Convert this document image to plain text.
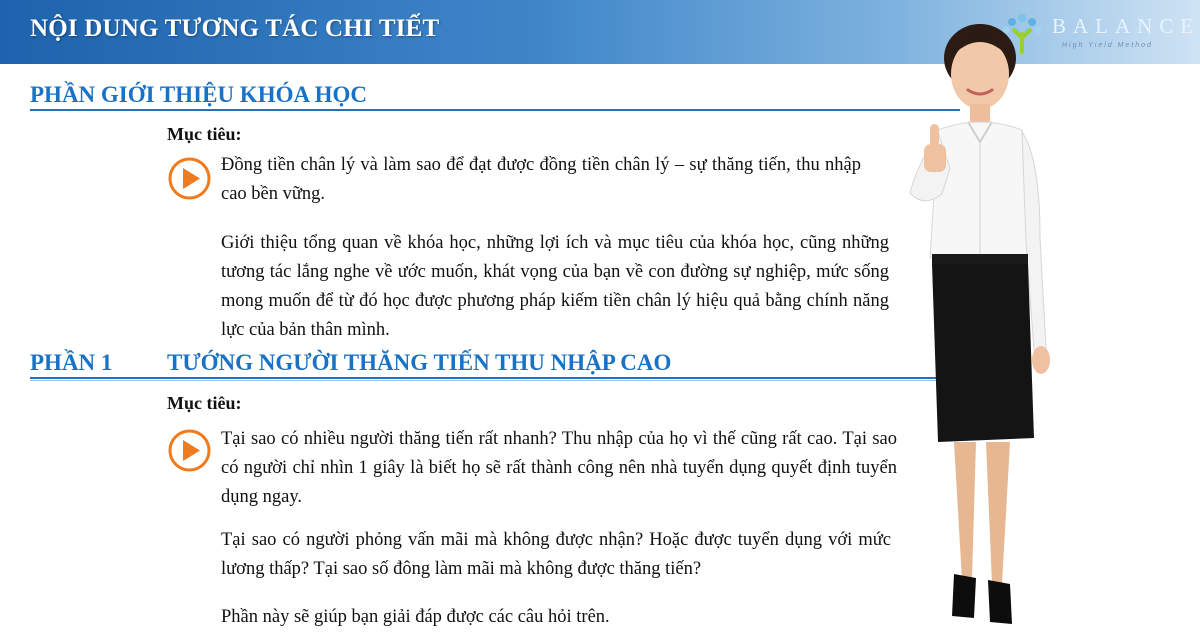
NỘI DUNG TƯƠNG TÁC CHI TIẾT	BALANCE
High Yield Method
PHẦN GIỚI THIỆU KHÓA HỌC
Mục tiêu:

Đồng tiền chân lý và làm sao để đạt được đồng tiền chân lý – sự thăng tiến, thu nhập cao bền vững.

Giới thiệu tổng quan về khóa học, những lợi ích và mục tiêu của khóa học, cũng những tương tác lắng nghe về ước muốn, khát vọng của bạn về con đường sự nghiệp, mức sống mong muốn để từ đó học được phương pháp kiếm tiền chân lý hiệu quả bằng chính năng lực của bản thân mình.

PHẦN 1 TƯỚNG NGƯỜI THĂNG TIẾN THU NHẬP CAO
Mục tiêu:

Tại sao có nhiều người thăng tiến rất nhanh? Thu nhập của họ vì thế cũng rất cao. Tại sao có người chỉ nhìn 1 giây là biết họ sẽ rất thành công nên nhà tuyển dụng quyết định tuyển dụng ngay.

Tại sao có người phỏng vấn mãi mà không được nhận? Hoặc được tuyển dụng với mức lương thấp? Tại sao số đông làm mãi mà không được thăng tiến?

Phần này sẽ giúp bạn giải đáp được các câu hỏi trên.
